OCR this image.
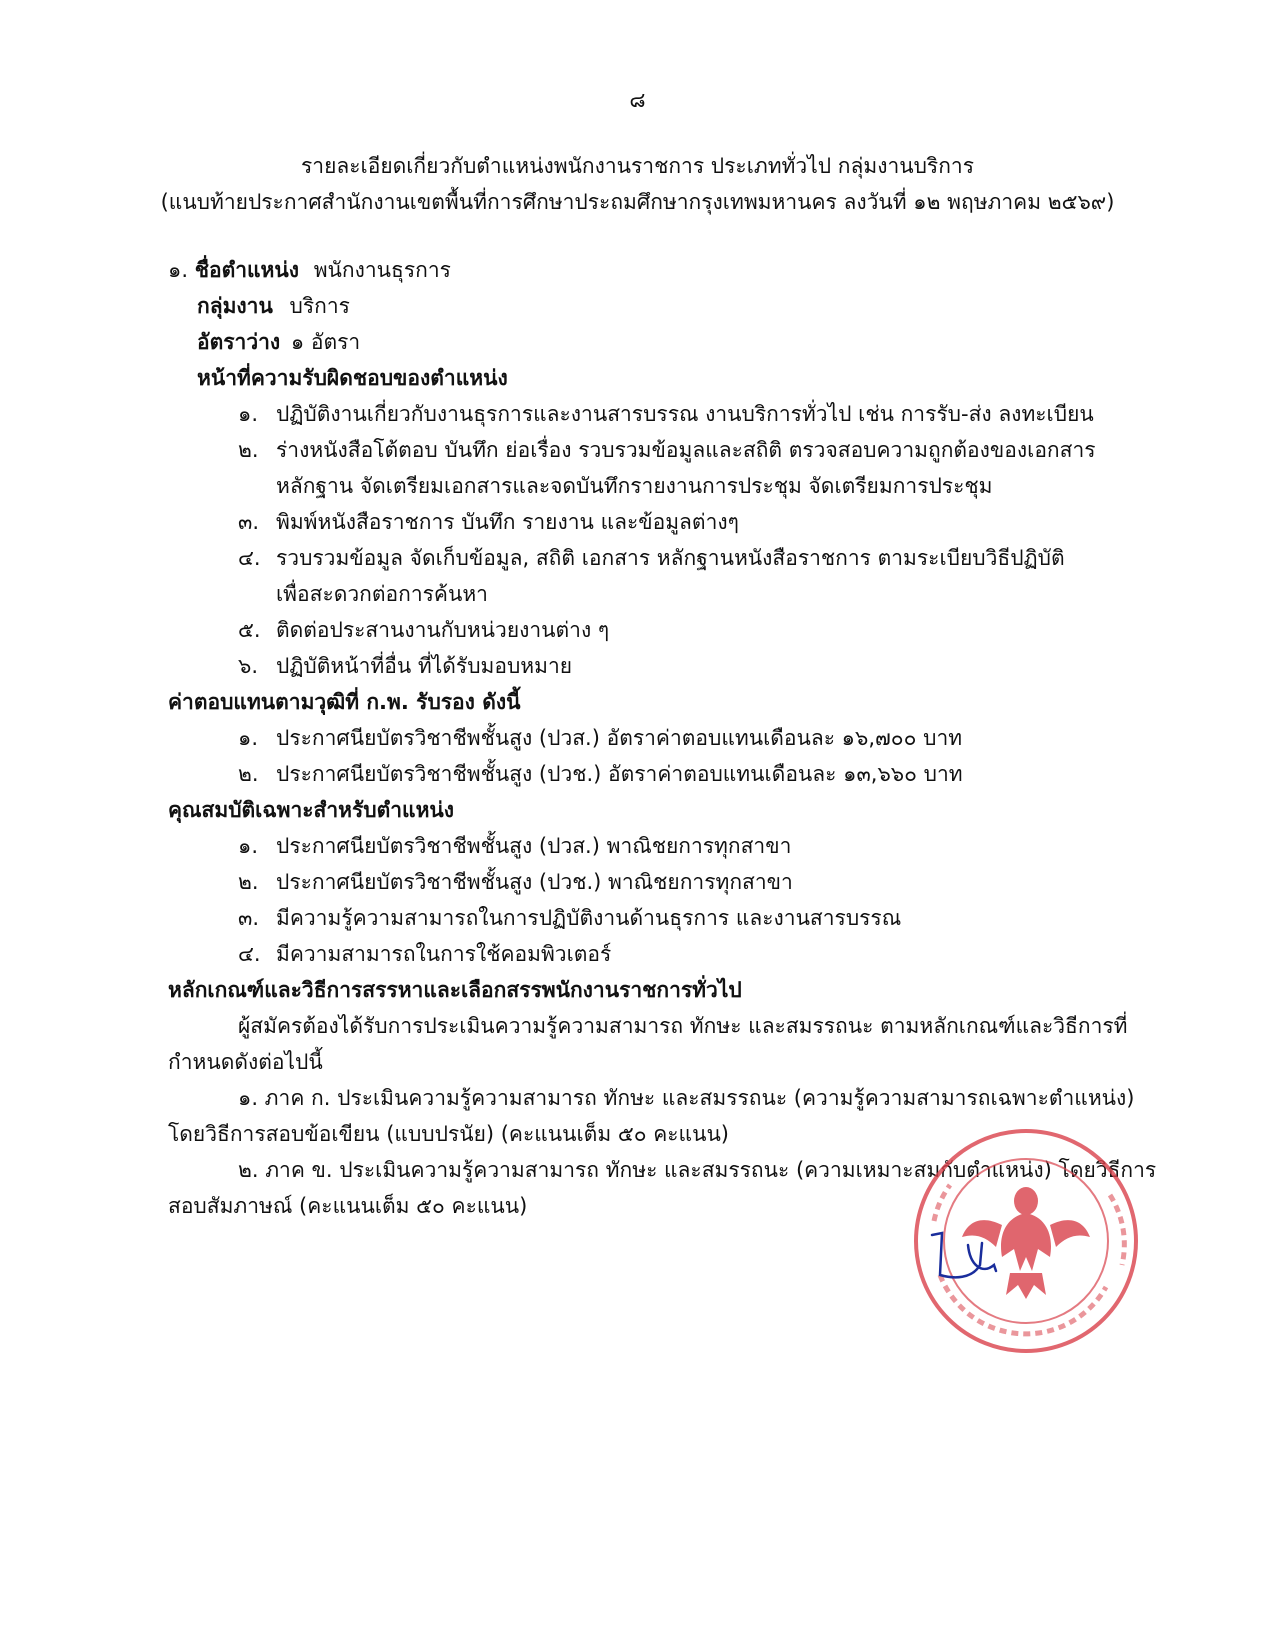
๘
รายละเอียดเกี่ยวกับตำแหน่งพนักงานราชการ ประเภททั่วไป กลุ่มงานบริการ
(แนบท้ายประกาศสำนักงานเขตพื้นที่การศึกษาประถมศึกษากรุงเทพมหานคร ลงวันที่ ๑๒ พฤษภาคม ๒๕๖๙)
๑. ชื่อตำแหน่ง พนักงานธุรการ
กลุ่มงาน บริการ
อัตราว่าง ๑ อัตรา
หน้าที่ความรับผิดชอบของตำแหน่ง
๑. ปฏิบัติงานเกี่ยวกับงานธุรการและงานสารบรรณ งานบริการทั่วไป เช่น การรับ-ส่ง ลงทะเบียน
๒. ร่างหนังสือโต้ตอบ บันทึก ย่อเรื่อง รวบรวมข้อมูลและสถิติ ตรวจสอบความถูกต้องของเอกสาร
หลักฐาน จัดเตรียมเอกสารและจดบันทึกรายงานการประชุม จัดเตรียมการประชุม
๓. พิมพ์หนังสือราชการ บันทึก รายงาน และข้อมูลต่างๆ
๔. รวบรวมข้อมูล จัดเก็บข้อมูล, สถิติ เอกสาร หลักฐานหนังสือราชการ ตามระเบียบวิธีปฏิบัติ
เพื่อสะดวกต่อการค้นหา
๕. ติดต่อประสานงานกับหน่วยงานต่าง ๆ
๖. ปฏิบัติหน้าที่อื่น ที่ได้รับมอบหมาย
ค่าตอบแทนตามวุฒิที่ ก.พ. รับรอง ดังนี้
๑. ประกาศนียบัตรวิชาชีพชั้นสูง (ปวส.) อัตราค่าตอบแทนเดือนละ ๑๖,๗๐๐ บาท
๒. ประกาศนียบัตรวิชาชีพชั้นสูง (ปวช.) อัตราค่าตอบแทนเดือนละ ๑๓,๖๖๐ บาท
คุณสมบัติเฉพาะสำหรับตำแหน่ง
๑. ประกาศนียบัตรวิชาชีพชั้นสูง (ปวส.) พาณิชยการทุกสาขา
๒. ประกาศนียบัตรวิชาชีพชั้นสูง (ปวช.) พาณิชยการทุกสาขา
๓. มีความรู้ความสามารถในการปฏิบัติงานด้านธุรการ และงานสารบรรณ
๔. มีความสามารถในการใช้คอมพิวเตอร์
หลักเกณฑ์และวิธีการสรรหาและเลือกสรรพนักงานราชการทั่วไป
ผู้สมัครต้องได้รับการประเมินความรู้ความสามารถ ทักษะ และสมรรถนะ ตามหลักเกณฑ์และวิธีการที่
กำหนดดังต่อไปนี้
๑. ภาค ก. ประเมินความรู้ความสามารถ ทักษะ และสมรรถนะ (ความรู้ความสามารถเฉพาะตำแหน่ง)
โดยวิธีการสอบข้อเขียน (แบบปรนัย) (คะแนนเต็ม ๕๐ คะแนน)
๒. ภาค ข. ประเมินความรู้ความสามารถ ทักษะ และสมรรถนะ (ความเหมาะสมกับตำแหน่ง) โดยวิธีการ
สอบสัมภาษณ์ (คะแนนเต็ม ๕๐ คะแนน)
